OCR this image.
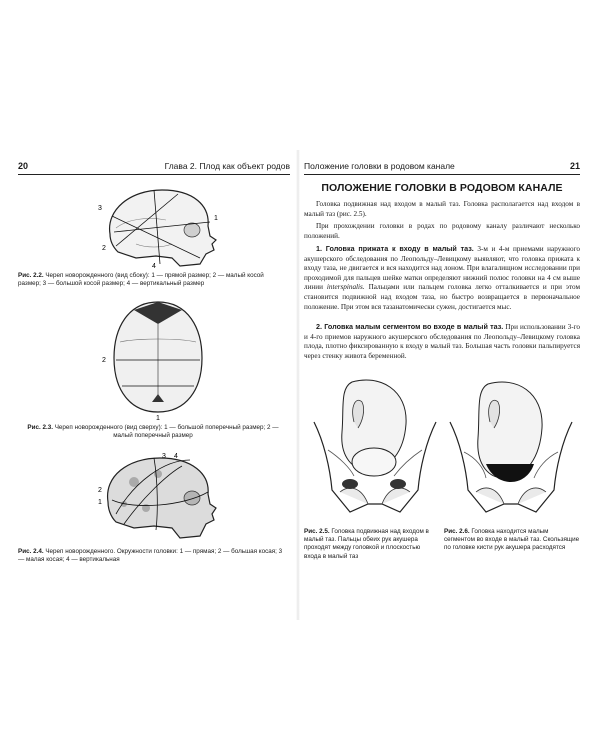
20	Глава 2. Плод как объект родов
3
4
2
1
Рис. 2.2. Череп новорожденного (вид сбоку): 1 — прямой размер; 2 — малый косой размер; 3 — большой косой размер; 4 — вертикальный размер
2
1
Рис. 2.3. Череп новорожденного (вид сверху): 1 — большой поперечный размер; 2 — малый поперечный размер
4
3
2
1
Рис. 2.4. Череп новорожденного. Окружности головки: 1 — прямая; 2 — большая косая; 3 — малая косая; 4 — вертикальная
Положение головки в родовом канале	21
ПОЛОЖЕНИЕ ГОЛОВКИ В РОДОВОМ КАНАЛЕ
Головка подвижная над входом в малый таз. Головка располагается над входом в малый таз (рис. 2.5).
При прохождении головки в родах по родовому каналу различают несколько положений.
1. Головка прижата к входу в малый таз. 3-м и 4-м приемами наружного акушерского обследования по Леопольду–Левицкому выявляют, что головка прижата к входу таза, не двигается и вся находится над лоном. При влагалищном исследовании при проходимой для пальцев шейке матки определяют нижний полюс головки на 4 см выше линии interspinalis. Пальцами или пальцем головка легко отталкивается и при этом становится подвижной над входом таза, но быстро возвращается в первоначальное положение. При этом вся тазанатомически сужен, достигается мыс.
2. Головка малым сегментом во входе в малый таз. При использовании 3-го и 4-го приемов наружного акушерского обследования по Леопольду–Левицкому головка плода, плотно фиксированную к входу в малый таз. Большая часть головки пальпируется через стенку живота беременной.
Рис. 2.5. Головка подвижная над входом в малый таз. Пальцы обеих рук акушера проходят между головкой и плоскостью входа в малый таз
Рис. 2.6. Головка находится малым сегментом во входе в малый таз. Скользящие по головке кисти рук акушера расходятся
